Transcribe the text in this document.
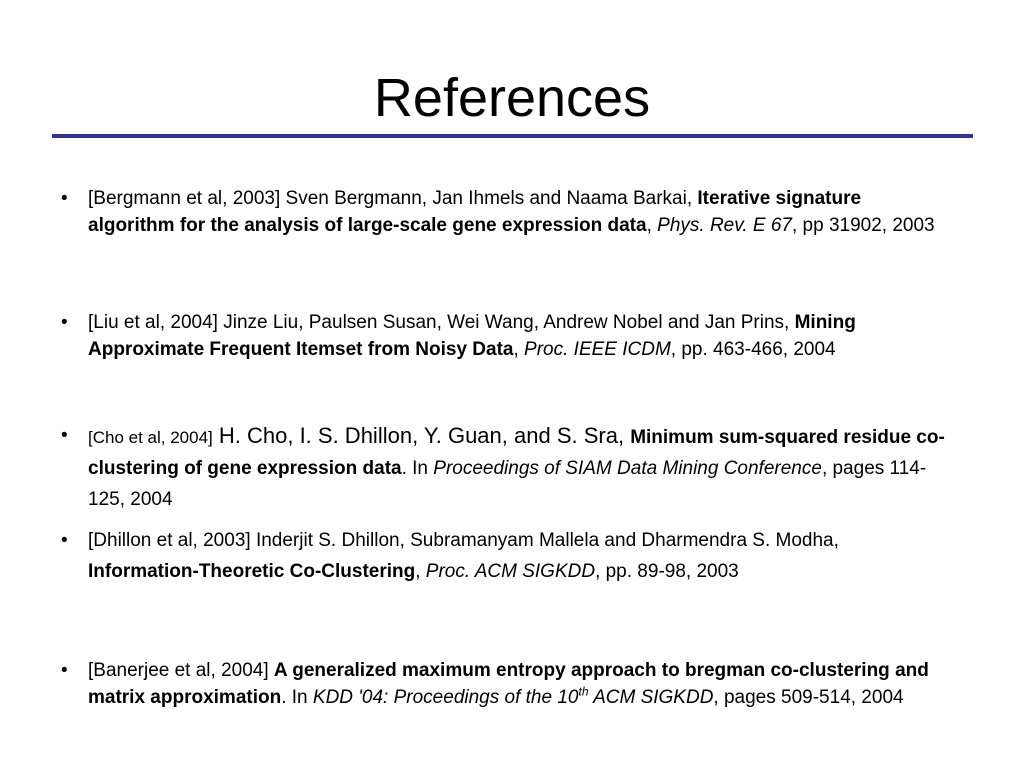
References
• [Bergmann et al, 2003] Sven Bergmann, Jan Ihmels and Naama Barkai, Iterative signature algorithm for the analysis of large-scale gene expression data, Phys. Rev. E 67, pp 31902, 2003
• [Liu et al, 2004] Jinze Liu, Paulsen Susan, Wei Wang, Andrew Nobel and Jan Prins, Mining Approximate Frequent Itemset from Noisy Data, Proc. IEEE ICDM, pp. 463-466, 2004
• [Cho et al, 2004] H. Cho, I. S. Dhillon, Y. Guan, and S. Sra, Minimum sum-squared residue co-clustering of gene expression data. In Proceedings of SIAM Data Mining Conference, pages 114-125, 2004
• [Dhillon et al, 2003] Inderjit S. Dhillon, Subramanyam Mallela and Dharmendra S. Modha, Information-Theoretic Co-Clustering, Proc. ACM SIGKDD, pp. 89-98, 2003
• [Banerjee et al, 2004] A generalized maximum entropy approach to bregman co-clustering and matrix approximation. In KDD '04: Proceedings of the 10th ACM SIGKDD, pages 509-514, 2004
